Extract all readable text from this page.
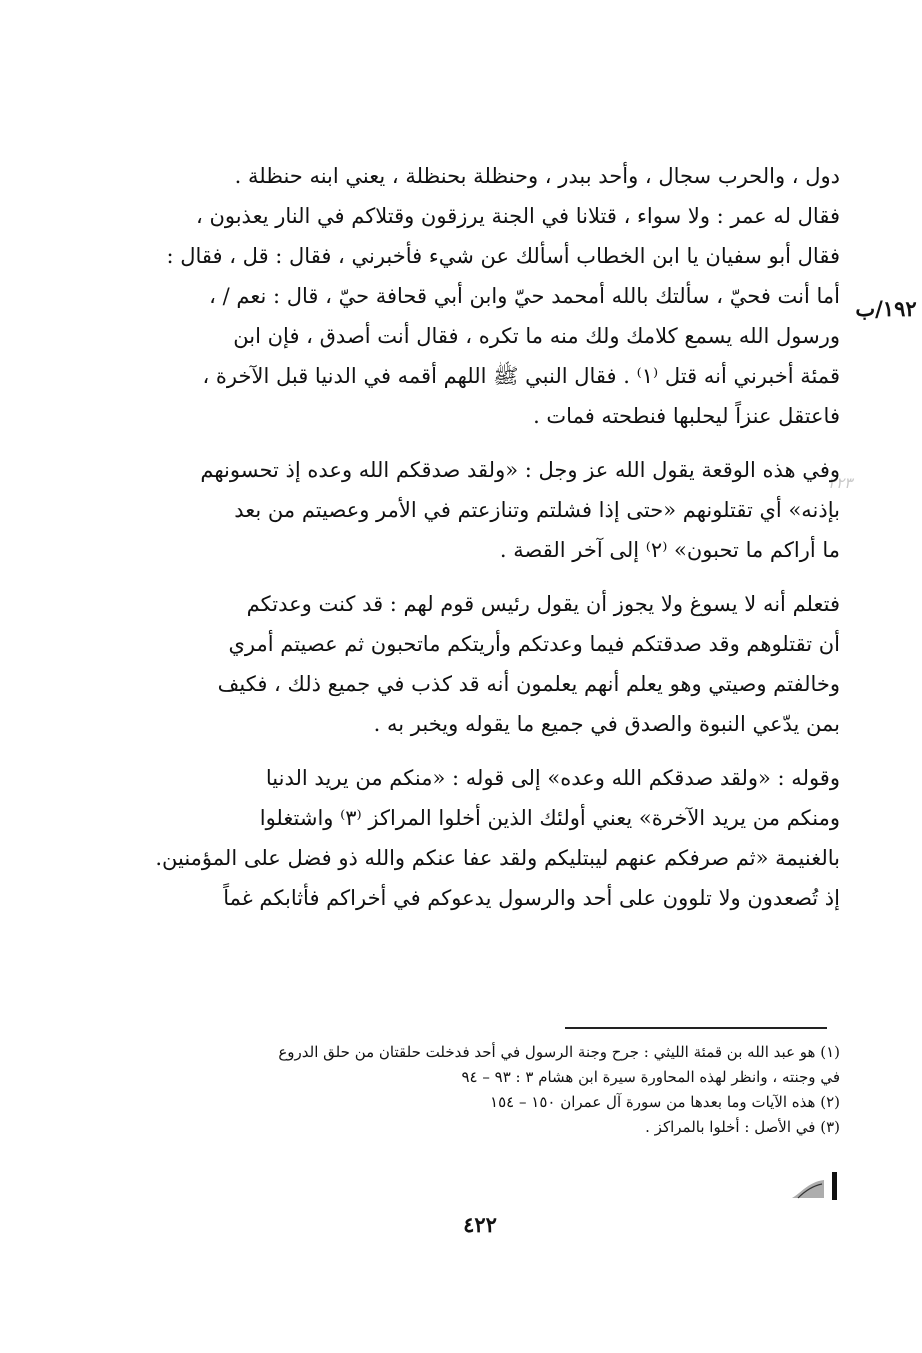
١٩٢/ب
٢٢٣

دول ، والحرب سجال ، وأحد ببدر ، وحنظلة بحنظلة ، يعني ابنه حنظلة .
فقال له عمر : ولا سواء ، قتلانا في الجنة يرزقون وقتلاكم في النار يعذبون ،
فقال أبو سفيان يا ابن الخطاب أسألك عن شيء فأخبرني ، فقال : قل ، فقال :
أما أنت فحيّ ، سألتك بالله أمحمد حيّ وابن أبي قحافة حيّ ، قال : نعم / ،
ورسول الله يسمع كلامك ولك منه ما تكره ، فقال أنت أصدق ، فإن ابن
قمئة أخبرني أنه قتل ⁽١⁾ . فقال النبي ﷺ اللهم أقمه في الدنيا قبل الآخرة ،
فاعتقل عنزاً ليحلبها فنطحته فمات .

وفي هذه الوقعة يقول الله عز وجل : «ولقد صدقكم الله وعده إذ تحسونهم
بإذنه» أي تقتلونهم «حتى إذا فشلتم وتنازعتم في الأمر وعصيتم من بعد
ما أراكم ما تحبون» ⁽٢⁾ إلى آخر القصة .

فتعلم أنه لا يسوغ ولا يجوز أن يقول رئيس قوم لهم : قد كنت وعدتكم
أن تقتلوهم وقد صدقتكم فيما وعدتكم وأريتكم ماتحبون ثم عصيتم أمري
وخالفتم وصيتي وهو يعلم أنهم يعلمون أنه قد كذب في جميع ذلك ، فكيف
بمن يدّعي النبوة والصدق في جميع ما يقوله ويخبر به .

وقوله : «ولقد صدقكم الله وعده» إلى قوله : «منكم من يريد الدنيا
ومنكم من يريد الآخرة» يعني أولئك الذين أخلوا المراكز ⁽٣⁾ واشتغلوا
بالغنيمة «ثم صرفكم عنهم ليبتليكم ولقد عفا عنكم والله ذو فضل على المؤمنين.
إذ تُصعدون ولا تلوون على أحد والرسول يدعوكم في أخراكم فأثابكم غماً

(١) هو عبد الله بن قمئة الليثي : جرح وجنة الرسول في أحد فدخلت حلقتان من حلق الدروع
في وجنته ، وانظر لهذه المحاورة سيرة ابن هشام ٣ : ٩٣ – ٩٤
(٢) هذه الآيات وما بعدها من سورة آل عمران ١٥٠ – ١٥٤
(٣) في الأصل : أخلوا بالمراكز .
٤٢٢
